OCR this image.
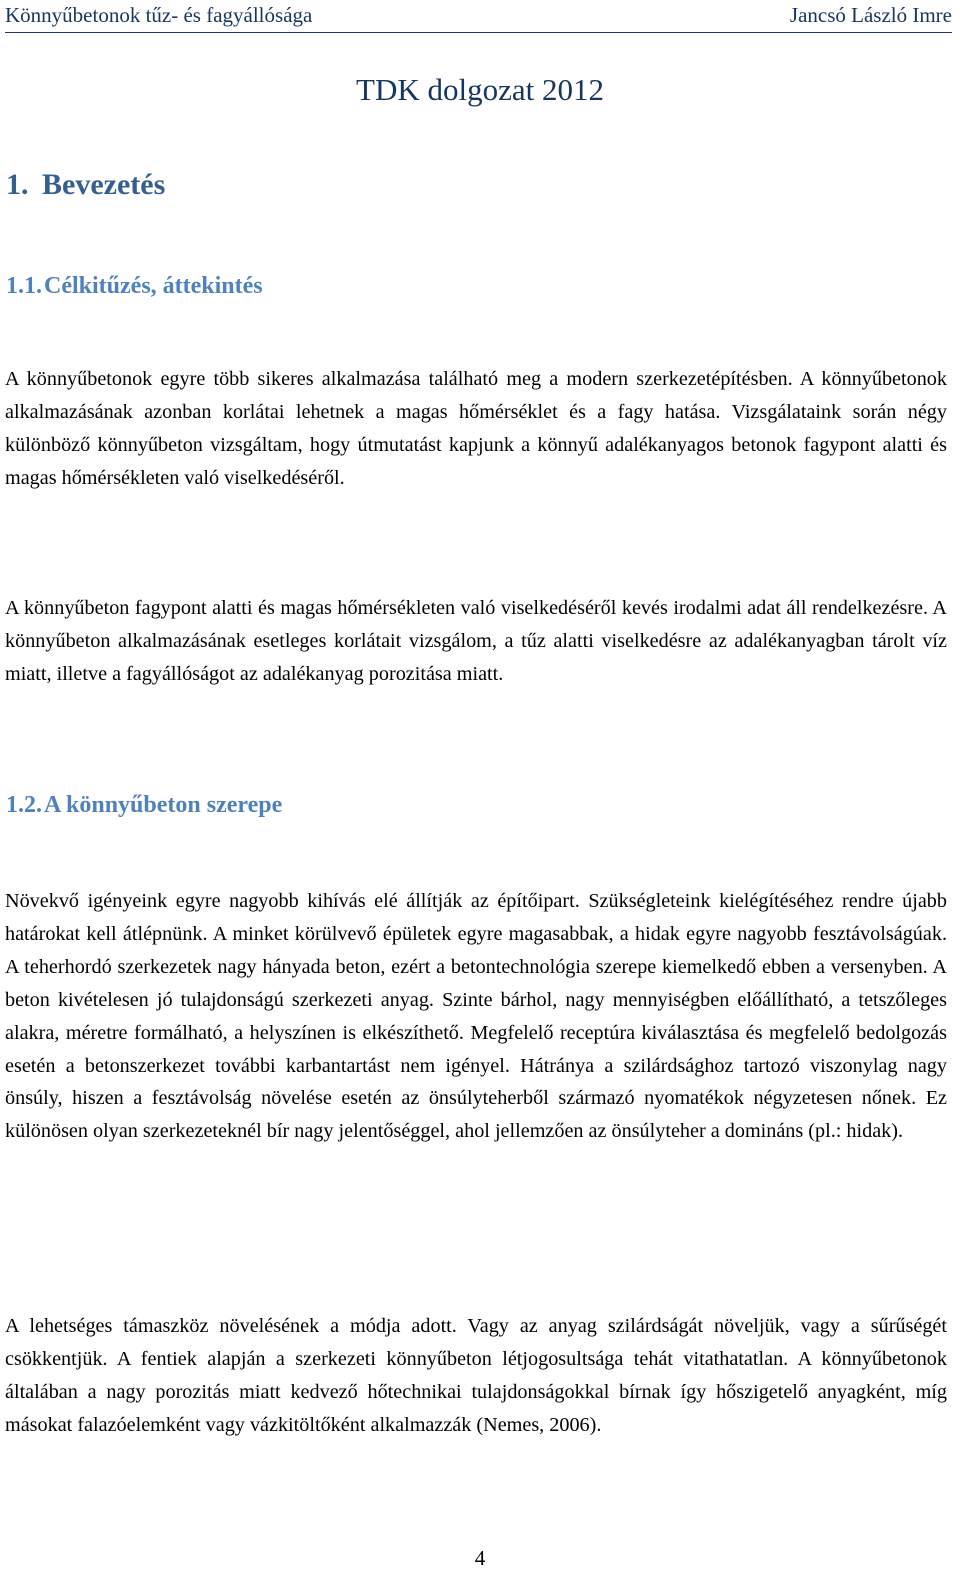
Könnyűbetonok tűz- és fagyállósága	Jancsó László Imre
TDK dolgozat 2012
1. Bevezetés
1.1.Célkitűzés, áttekintés

A könnyűbetonok egyre több sikeres alkalmazása található meg a modern szerkezetépítésben. A könnyűbetonok alkalmazásának azonban korlátai lehetnek a magas hőmérséklet és a fagy hatása. Vizsgálataink során négy különböző könnyűbeton vizsgáltam, hogy útmutatást kapjunk a könnyű adalékanyagos betonok fagypont alatti és magas hőmérsékleten való viselkedéséről.

A könnyűbeton fagypont alatti és magas hőmérsékleten való viselkedéséről kevés irodalmi adat áll rendelkezésre. A könnyűbeton alkalmazásának esetleges korlátait vizsgálom, a tűz alatti viselkedésre az adalékanyagban tárolt víz miatt, illetve a fagyállóságot az adalékanyag porozitása miatt.

1.2.A könnyűbeton szerepe

Növekvő igényeink egyre nagyobb kihívás elé állítják az építőipart. Szükségleteink kielégítéséhez rendre újabb határokat kell átlépnünk. A minket körülvevő épületek egyre magasabbak, a hidak egyre nagyobb fesztávolságúak. A teherhordó szerkezetek nagy hányada beton, ezért a betontechnológia szerepe kiemelkedő ebben a versenyben. A beton kivételesen jó tulajdonságú szerkezeti anyag. Szinte bárhol, nagy mennyiségben előállítható, a tetszőleges alakra, méretre formálható, a helyszínen is elkészíthető. Megfelelő receptúra kiválasztása és megfelelő bedolgozás esetén a betonszerkezet további karbantartást nem igényel. Hátránya a szilárdsághoz tartozó viszonylag nagy önsúly, hiszen a fesztávolság növelése esetén az önsúlyteherből származó nyomatékok négyzetesen nőnek. Ez különösen olyan szerkezeteknél bír nagy jelentőséggel, ahol jellemzően az önsúlyteher a domináns (pl.: hidak).

A lehetséges támaszköz növelésének a módja adott. Vagy az anyag szilárdságát növeljük, vagy a sűrűségét csökkentjük. A fentiek alapján a szerkezeti könnyűbeton létjogosultsága tehát vitathatatlan. A könnyűbetonok általában a nagy porozitás miatt kedvező hőtechnikai tulajdonságokkal bírnak így hőszigetelő anyagként, míg másokat falazóelemként vagy vázkitöltőként alkalmazzák (Nemes, 2006).

4
